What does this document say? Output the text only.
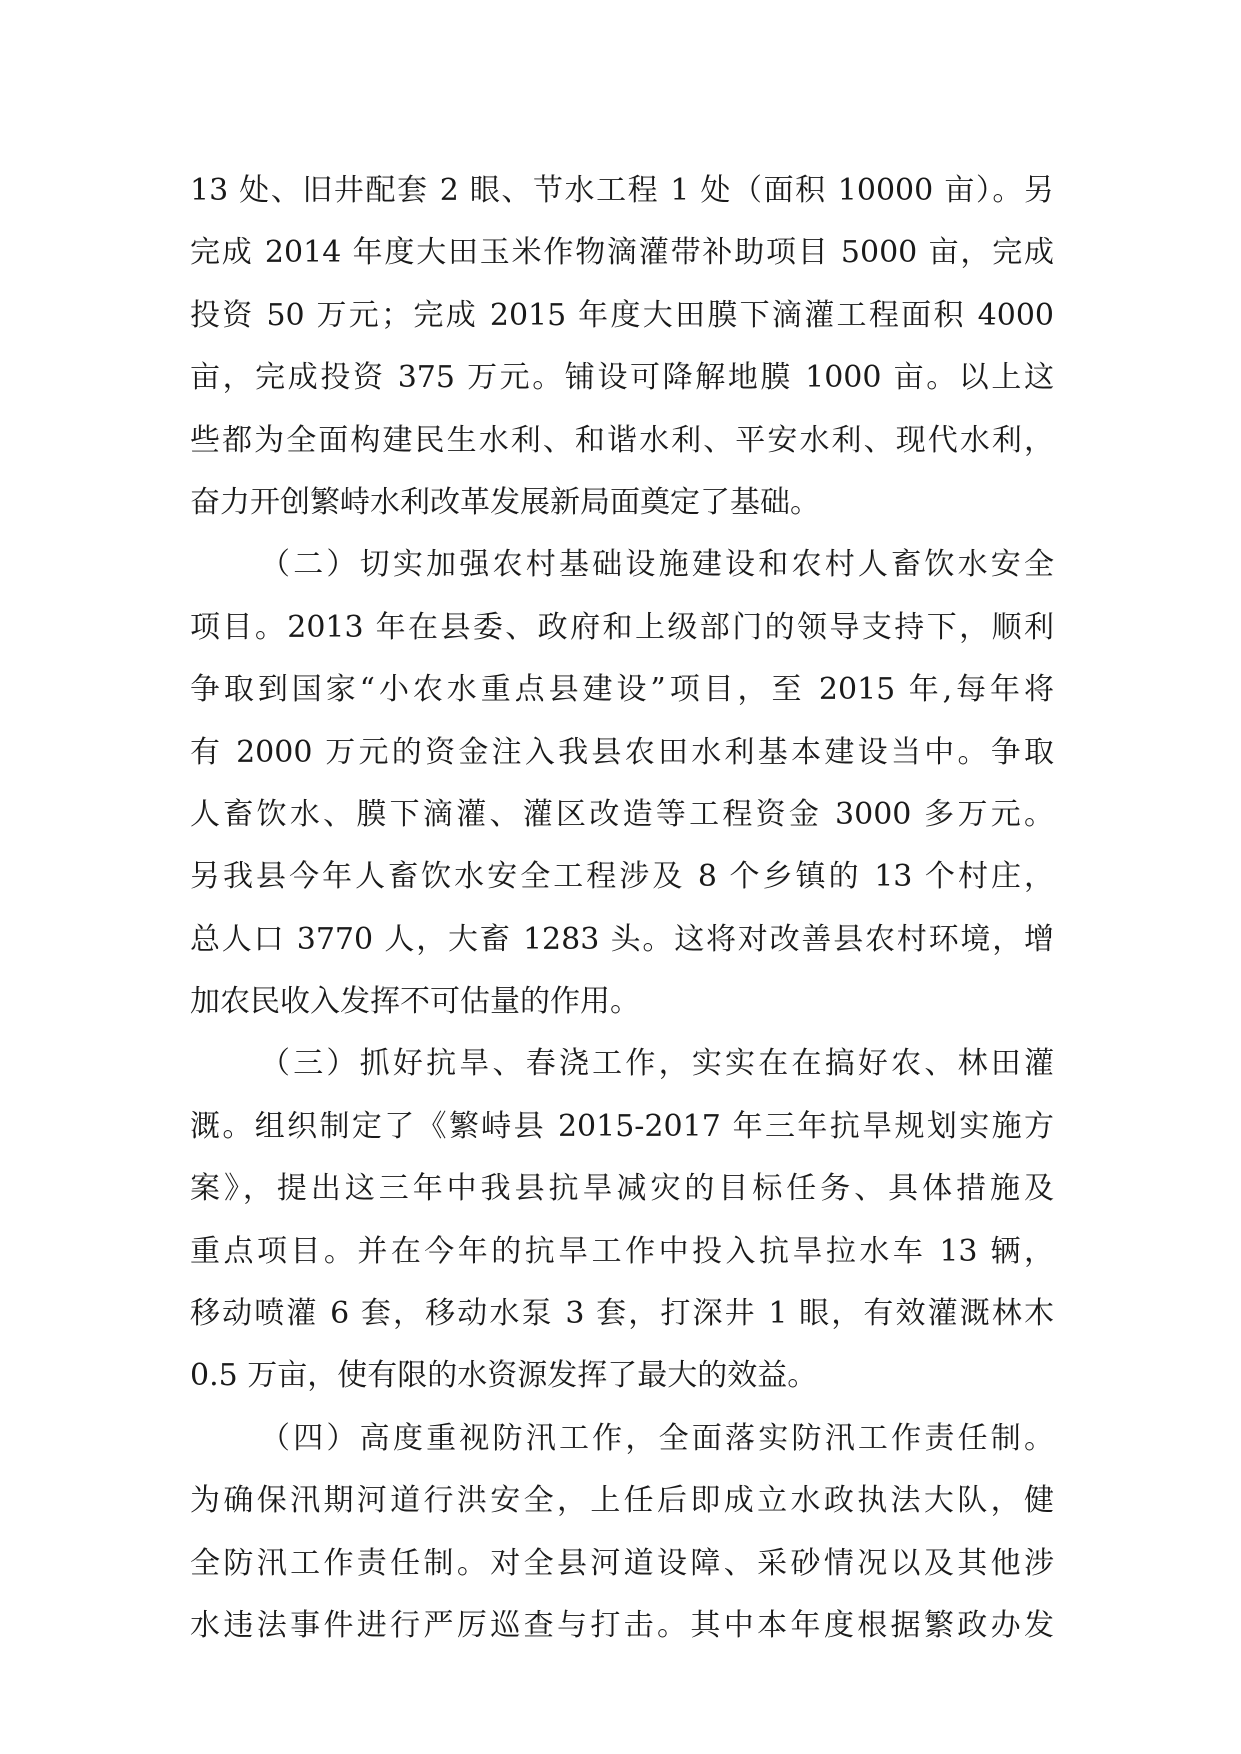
13 处、旧井配套 2 眼、节水工程 1 处（面积 10000 亩）。另
完成 2014 年度大田玉米作物滴灌带补助项目 5000 亩，完成
投资 50 万元；完成 2015 年度大田膜下滴灌工程面积 4000
亩，完成投资 375 万元。铺设可降解地膜 1000 亩。以上这
些都为全面构建民生水利、和谐水利、平安水利、现代水利，
奋力开创繁峙水利改革发展新局面奠定了基础。
（二）切实加强农村基础设施建设和农村人畜饮水安全
项目。2013 年在县委、政府和上级部门的领导支持下，顺利
争取到国家“小农水重点县建设”项目，至 2015 年,每年将
有 2000 万元的资金注入我县农田水利基本建设当中。争取
人畜饮水、膜下滴灌、灌区改造等工程资金 3000 多万元。
另我县今年人畜饮水安全工程涉及 8 个乡镇的 13 个村庄，
总人口 3770 人，大畜 1283 头。这将对改善县农村环境，增
加农民收入发挥不可估量的作用。
（三）抓好抗旱、春浇工作，实实在在搞好农、林田灌
溉。组织制定了《繁峙县 2015-2017 年三年抗旱规划实施方
案》，提出这三年中我县抗旱减灾的目标任务、具体措施及
重点项目。并在今年的抗旱工作中投入抗旱拉水车 13 辆，
移动喷灌 6 套，移动水泵 3 套，打深井 1 眼，有效灌溉林木
0.5 万亩，使有限的水资源发挥了最大的效益。
（四）高度重视防汛工作，全面落实防汛工作责任制。
为确保汛期河道行洪安全，上任后即成立水政执法大队，健
全防汛工作责任制。对全县河道设障、采砂情况以及其他涉
水违法事件进行严厉巡查与打击。其中本年度根据繁政办发
